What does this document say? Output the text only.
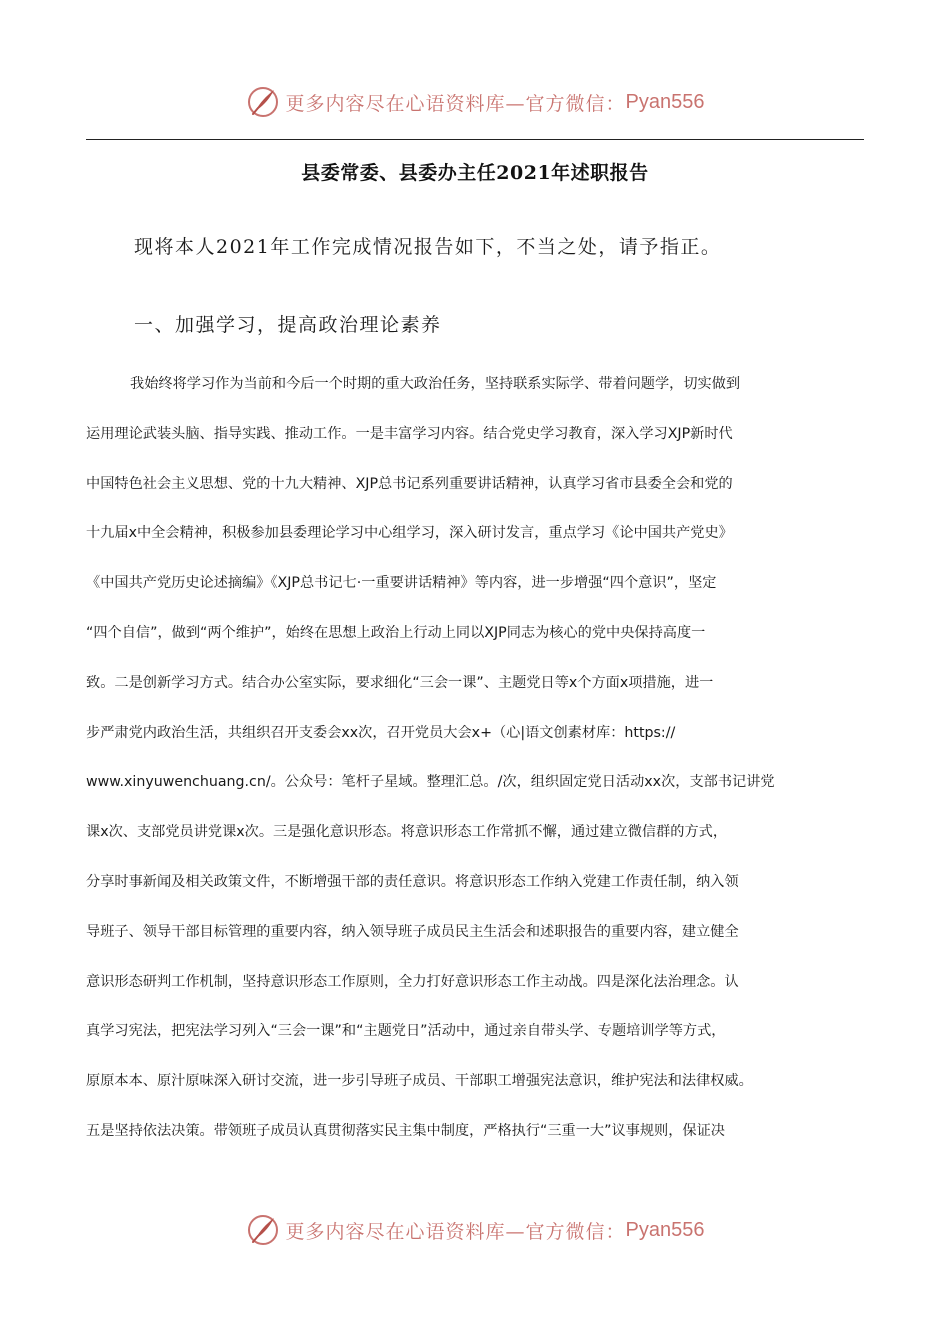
更多内容尽在心语资料库—官方微信： Pyan556
县委常委、县委办主任2021年述职报告
现将本人2021年工作完成情况报告如下，不当之处，请予指正。
一、加强学习，提高政治理论素养
我始终将学习作为当前和今后一个时期的重大政治任务，坚持联系实际学、带着问题学，切实做到
运用理论武装头脑、指导实践、推动工作。一是丰富学习内容。结合党史学习教育，深入学习XJP新时代
中国特色社会主义思想、党的十九大精神、XJP总书记系列重要讲话精神，认真学习省市县委全会和党的
十九届x中全会精神，积极参加县委理论学习中心组学习，深入研讨发言，重点学习《论中国共产党史》
《中国共产党历史论述摘编》《XJP总书记七·一重要讲话精神》等内容，进一步增强“四个意识”，坚定
“四个自信”，做到“两个维护”，始终在思想上政治上行动上同以XJP同志为核心的党中央保持高度一
致。二是创新学习方式。结合办公室实际，要求细化“三会一课”、主题党日等x个方面x项措施，进一
步严肃党内政治生活，共组织召开支委会xx次，召开党员大会x+（心|语文创素材库：https://
www.xinyuwenchuang.cn/。公众号：笔杆子星域。整理汇总。/次，组织固定党日活动xx次，支部书记讲党
课x次、支部党员讲党课x次。三是强化意识形态。将意识形态工作常抓不懈，通过建立微信群的方式，
分享时事新闻及相关政策文件，不断增强干部的责任意识。将意识形态工作纳入党建工作责任制，纳入领
导班子、领导干部目标管理的重要内容，纳入领导班子成员民主生活会和述职报告的重要内容，建立健全
意识形态研判工作机制，坚持意识形态工作原则，全力打好意识形态工作主动战。四是深化法治理念。认
真学习宪法，把宪法学习列入“三会一课”和“主题党日”活动中，通过亲自带头学、专题培训学等方式，
原原本本、原汁原味深入研讨交流，进一步引导班子成员、干部职工增强宪法意识，维护宪法和法律权威。
五是坚持依法决策。带领班子成员认真贯彻落实民主集中制度，严格执行“三重一大”议事规则，保证决
更多内容尽在心语资料库—官方微信： Pyan556
